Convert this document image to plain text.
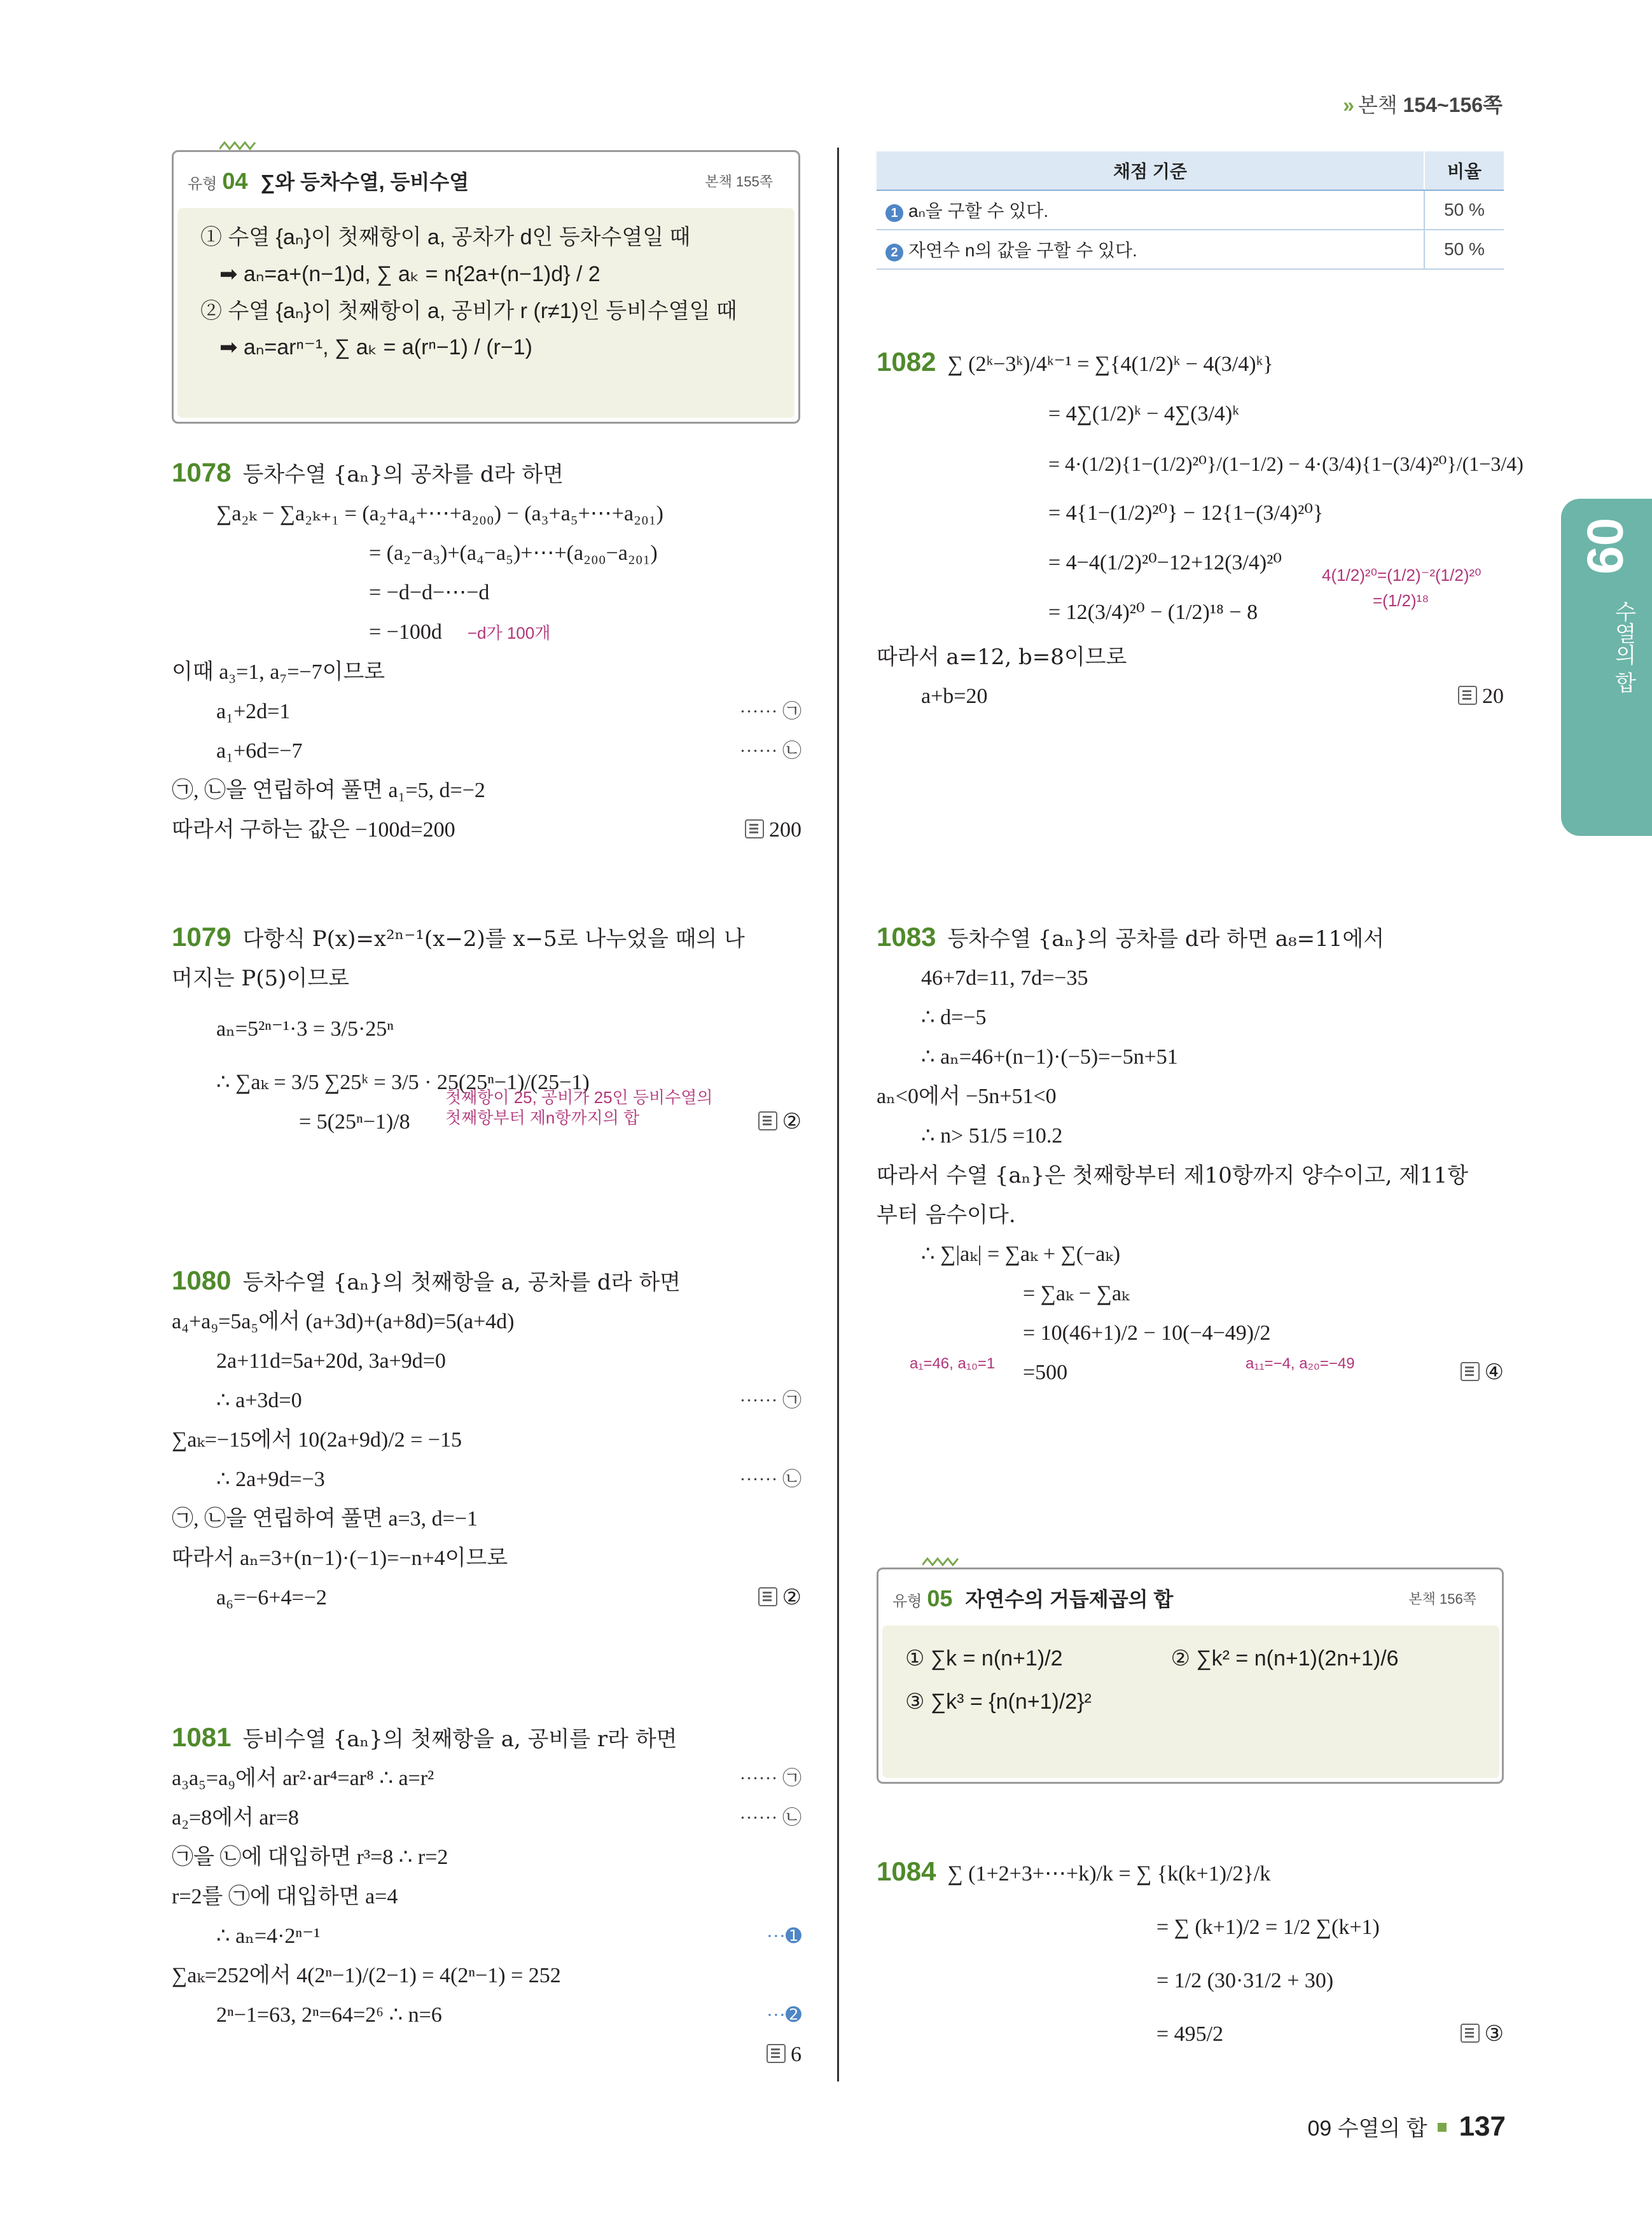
» 본책 154~156쪽
유형 04 ∑와 등차수열, 등비수열	본책 155쪽
① 수열 {aₙ}이 첫째항이 a, 공차가 d인 등차수열일 때
➡ aₙ=a+(n−1)d, ∑ aₖ = n{2a+(n−1)d} / 2
② 수열 {aₙ}이 첫째항이 a, 공비가 r (r≠1)인 등비수열일 때
➡ aₙ=arⁿ⁻¹, ∑ aₖ = a(rⁿ−1) / (r−1)
1078 등차수열 {aₙ}의 공차를 d라 하면
∑a₂ₖ − ∑a₂ₖ₊₁ = (a₂+a₄+⋯+a₂₀₀) − (a₃+a₅+⋯+a₂₀₁)
= (a₂−a₃)+(a₄−a₅)+⋯+(a₂₀₀−a₂₀₁)
= −d−d−⋯−d
= −100d −d가 100개
이때 a₃=1, a₇=−7이므로
a₁+2d=1	······ ㉠
a₁+6d=−7	······ ㉡
㉠, ㉡을 연립하여 풀면 a₁=5, d=−2
따라서 구하는 값은 −100d=200	200
1079 다항식 P(x)=x²ⁿ⁻¹(x−2)를 x−5로 나누었을 때의 나
머지는 P(5)이므로
aₙ=5²ⁿ⁻¹·3 = 3/5·25ⁿ
∴ ∑aₖ = 3/5 ∑25ᵏ = 3/5 · 25(25ⁿ−1)/(25−1)
= 5(25ⁿ−1)/8
첫째항이 25, 공비가 25인 등비수열의
첫째항부터 제n항까지의 합	②
1080 등차수열 {aₙ}의 첫째항을 a, 공차를 d라 하면
a₄+a₉=5a₅에서 (a+3d)+(a+8d)=5(a+4d)
2a+11d=5a+20d, 3a+9d=0
∴ a+3d=0	······ ㉠
∑aₖ=−15에서 10(2a+9d)/2 = −15
∴ 2a+9d=−3	······ ㉡
㉠, ㉡을 연립하여 풀면 a=3, d=−1
따라서 aₙ=3+(n−1)·(−1)=−n+4이므로
a₆=−6+4=−2	②
1081 등비수열 {aₙ}의 첫째항을 a, 공비를 r라 하면
a₃a₅=a₉에서 ar²·ar⁴=ar⁸ ∴ a=r²	······ ㉠
a₂=8에서 ar=8	······ ㉡
㉠을 ㉡에 대입하면 r³=8 ∴ r=2
r=2를 ㉠에 대입하면 a=4
∴ aₙ=4·2ⁿ⁻¹	···➊
∑aₖ=252에서 4(2ⁿ−1)/(2−1) = 4(2ⁿ−1) = 252
2ⁿ−1=63, 2ⁿ=64=2⁶ ∴ n=6	···➋
6
채점 기준	비율
1 aₙ을 구할 수 있다.	50 %
2 자연수 n의 값을 구할 수 있다.	50 %
1082 ∑ (2ᵏ−3ᵏ)/4ᵏ⁻¹ = ∑{4(1/2)ᵏ − 4(3/4)ᵏ}
= 4∑(1/2)ᵏ − 4∑(3/4)ᵏ
= 4·(1/2){1−(1/2)²⁰}/(1−1/2) − 4·(3/4){1−(3/4)²⁰}/(1−3/4)
= 4{1−(1/2)²⁰} − 12{1−(3/4)²⁰}
= 4−4(1/2)²⁰−12+12(3/4)²⁰
= 12(3/4)²⁰ − (1/2)¹⁸ − 8
4(1/2)²⁰=(1/2)⁻²(1/2)²⁰
=(1/2)¹⁸
따라서 a=12, b=8이므로
a+b=20	20
1083 등차수열 {aₙ}의 공차를 d라 하면 a₈=11에서
46+7d=11, 7d=−35
∴ d=−5
∴ aₙ=46+(n−1)·(−5)=−5n+51
aₙ<0에서 −5n+51<0
∴ n> 51/5 =10.2
따라서 수열 {aₙ}은 첫째항부터 제10항까지 양수이고, 제11항
부터 음수이다.
∴ ∑|aₖ| = ∑aₖ + ∑(−aₖ)
= ∑aₖ − ∑aₖ
= 10(46+1)/2 − 10(−4−49)/2
a₁=46, a₁₀=1 =500	a₁₁=−4, a₂₀=−49	④
유형 05 자연수의 거듭제곱의 합	본책 156쪽
① ∑k = n(n+1)/2	② ∑k² = n(n+1)(2n+1)/6
③ ∑k³ = {n(n+1)/2}²
1084 ∑ (1+2+3+⋯+k)/k = ∑ {k(k+1)/2}/k
= ∑ (k+1)/2 = 1/2 ∑(k+1)
= 1/2 (30·31/2 + 30)
= 495/2	③
09
수열의 합
09 수열의 합 137
